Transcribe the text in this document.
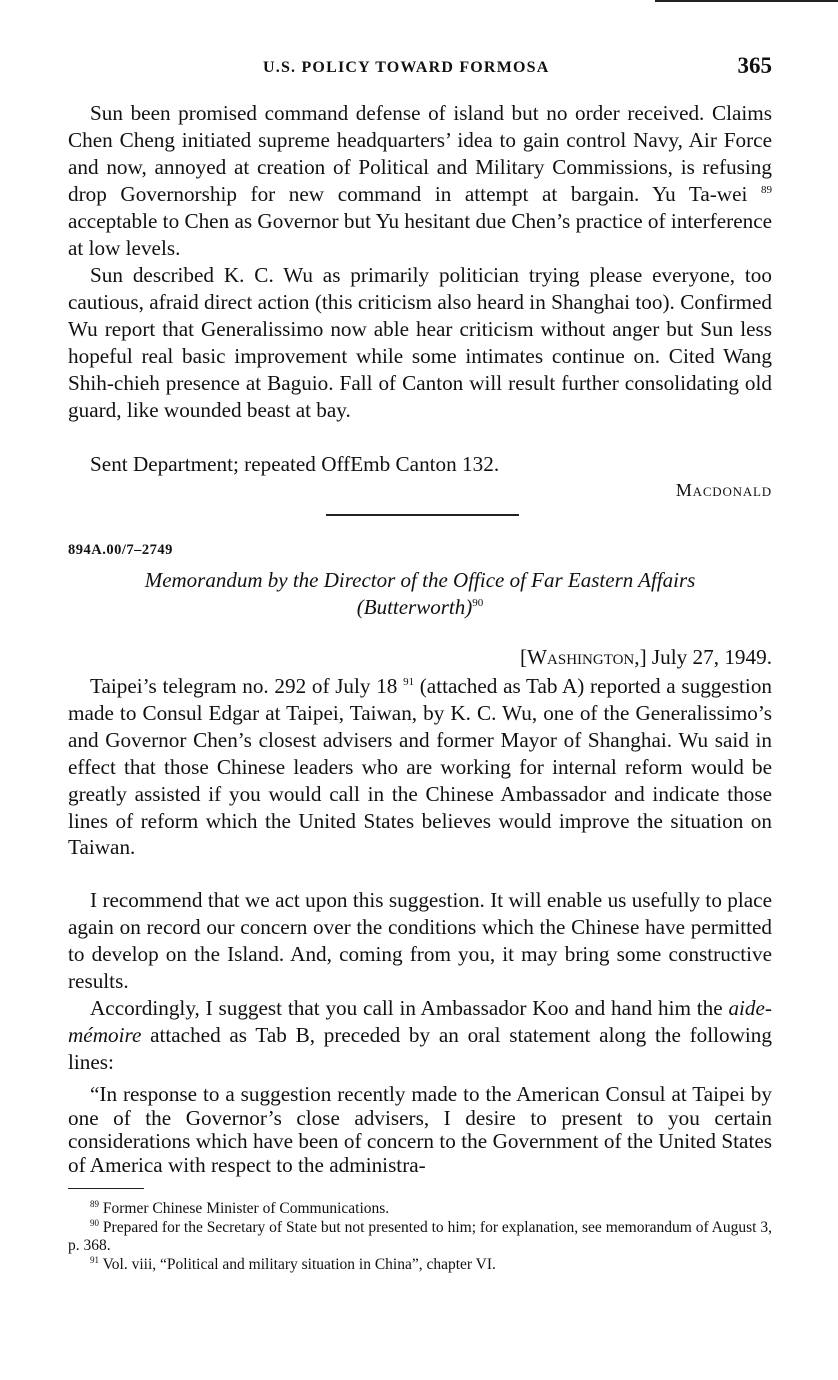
U.S. POLICY TOWARD FORMOSA	365

Sun been promised command defense of island but no order received. Claims Chen Cheng initiated supreme headquarters’ idea to gain control Navy, Air Force and now, annoyed at creation of Political and Military Commissions, is refusing drop Governorship for new command in attempt at bargain. Yu Ta-wei $^{89}$ acceptable to Chen as Governor but Yu hesitant due Chen’s practice of interference at low levels.

Sun described K. C. Wu as primarily politician trying please everyone, too cautious, afraid direct action (this criticism also heard in Shanghai too). Confirmed Wu report that Generalissimo now able hear criticism without anger but Sun less hopeful real basic improvement while some intimates continue on. Cited Wang Shih-chieh presence at Baguio. Fall of Canton will result further consolidating old guard, like wounded beast at bay.

Sent Department; repeated OffEmb Canton 132.

Macdonald
894A.00/7–2749

Memorandum by the Director of the Office of Far Eastern Affairs
(Butterworth)$^{90}$

[Washington,] July 27, 1949.

Taipei’s telegram no. 292 of July 18 $^{91}$ (attached as Tab A) reported a suggestion made to Consul Edgar at Taipei, Taiwan, by K. C. Wu, one of the Generalissimo’s and Governor Chen’s closest advisers and former Mayor of Shanghai. Wu said in effect that those Chinese leaders who are working for internal reform would be greatly assisted if you would call in the Chinese Ambassador and indicate those lines of reform which the United States believes would improve the situation on Taiwan.

I recommend that we act upon this suggestion. It will enable us usefully to place again on record our concern over the conditions which the Chinese have permitted to develop on the Island. And, coming from you, it may bring some constructive results.

Accordingly, I suggest that you call in Ambassador Koo and hand him the aide-mémoire attached as Tab B, preceded by an oral statement along the following lines:

“In response to a suggestion recently made to the American Consul at Taipei by one of the Governor’s close advisers, I desire to present to you certain considerations which have been of concern to the Government of the United States of America with respect to the administra-

$^{89}$ Former Chinese Minister of Communications.

$^{90}$ Prepared for the Secretary of State but not presented to him; for explanation, see memorandum of August 3, p. 368.

$^{91}$ Vol. viii, “Political and military situation in China”, chapter VI.
